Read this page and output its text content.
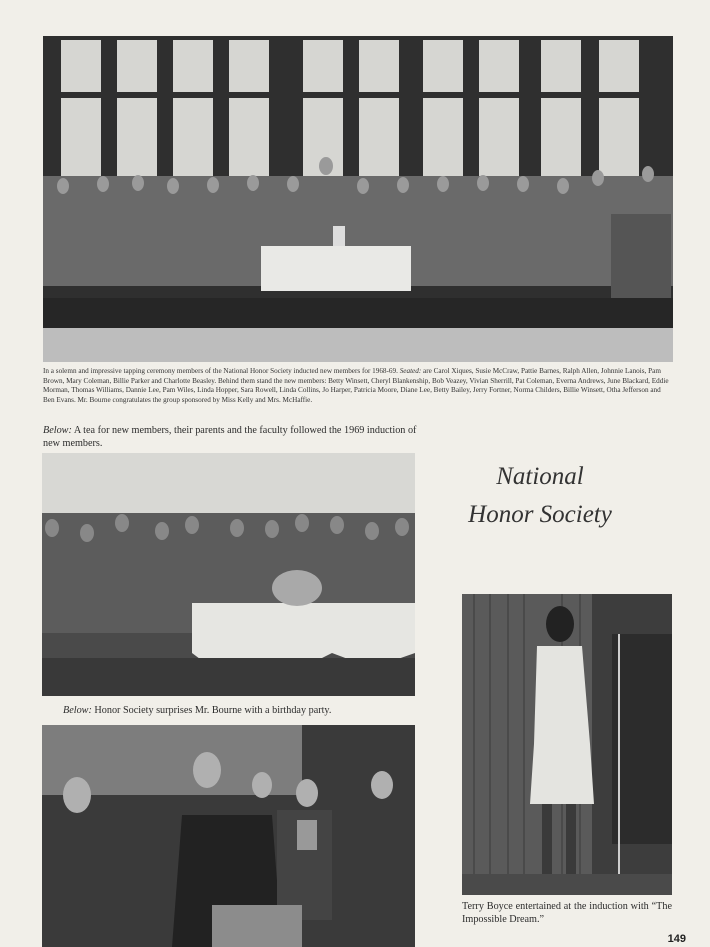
In a solemn and impressive tapping ceremony members of the National Honor Society inducted new members for 1968-69. Seated: are Carol Xiques, Susie McCraw, Pattie Barnes, Ralph Allen, Johnnie Lanois, Pam Brown, Mary Coleman, Billie Parker and Charlotte Beasley. Behind them stand the new members: Betty Winsett, Cheryl Blankenship, Bob Veazey, Vivian Sherrill, Pat Coleman, Everna Andrews, June Blackard, Eddie Morman, Thomas Williams, Dannie Lee, Pam Wiles, Linda Hopper, Sara Rowell, Linda Collins, Jo Harper, Patricia Moore, Diane Lee, Betty Bailey, Jerry Fortner, Norma Childers, Billie Winsett, Otha Jefferson and Ben Evans. Mr. Bourne congratulates the group sponsored by Miss Kelly and Mrs. McHaffie.
Below: A tea for new members, their parents and the faculty followed the 1969 induction of new members.
Below: Honor Society surprises Mr. Bourne with a birthday party.
National
Honor Society
Terry Boyce entertained at the induction with “The Impossible Dream.”
149
